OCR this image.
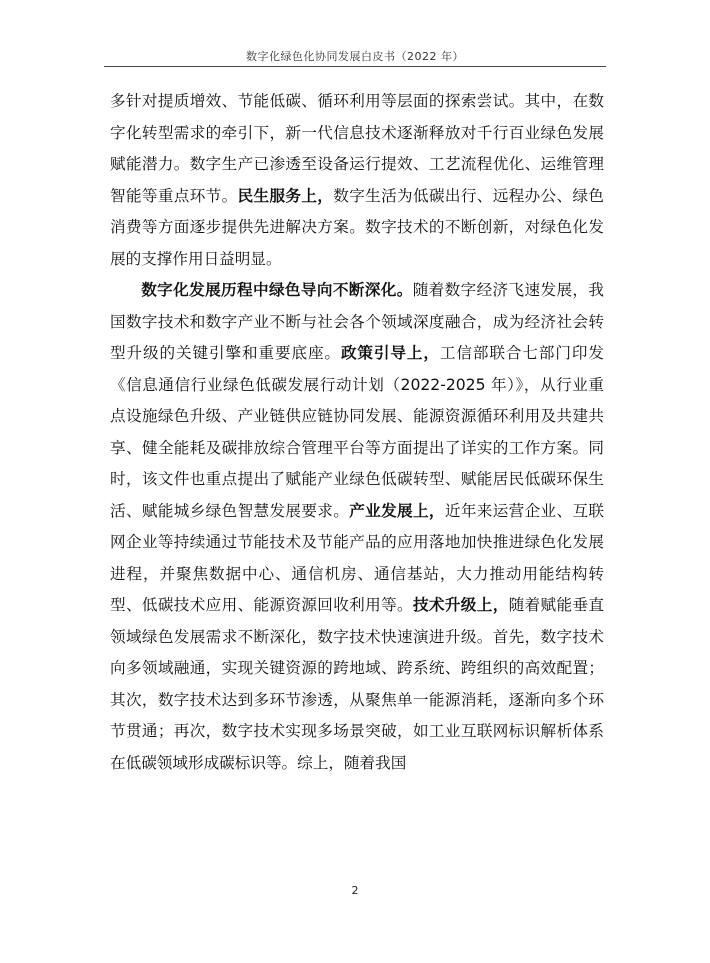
数字化绿色化协同发展白皮书（2022 年）

多针对提质增效、节能低碳、循环利用等层面的探索尝试。其中，在数字化转型需求的牵引下，新一代信息技术逐渐释放对千行百业绿色发展赋能潜力。数字生产已渗透至设备运行提效、工艺流程优化、运维管理智能等重点环节。民生服务上，数字生活为低碳出行、远程办公、绿色消费等方面逐步提供先进解决方案。数字技术的不断创新，对绿色化发展的支撑作用日益明显。

数字化发展历程中绿色导向不断深化。随着数字经济飞速发展，我国数字技术和数字产业不断与社会各个领域深度融合，成为经济社会转型升级的关键引擎和重要底座。政策引导上，工信部联合七部门印发《信息通信行业绿色低碳发展行动计划（2022-2025 年）》，从行业重点设施绿色升级、产业链供应链协同发展、能源资源循环利用及共建共享、健全能耗及碳排放综合管理平台等方面提出了详实的工作方案。同时，该文件也重点提出了赋能产业绿色低碳转型、赋能居民低碳环保生活、赋能城乡绿色智慧发展要求。产业发展上，近年来运营企业、互联网企业等持续通过节能技术及节能产品的应用落地加快推进绿色化发展进程，并聚焦数据中心、通信机房、通信基站，大力推动用能结构转型、低碳技术应用、能源资源回收利用等。技术升级上，随着赋能垂直领域绿色发展需求不断深化，数字技术快速演进升级。首先，数字技术向多领域融通，实现关键资源的跨地域、跨系统、跨组织的高效配置；其次，数字技术达到多环节渗透，从聚焦单一能源消耗，逐渐向多个环节贯通；再次，数字技术实现多场景突破，如工业互联网标识解析体系在低碳领域形成碳标识等。综上，随着我国

2
